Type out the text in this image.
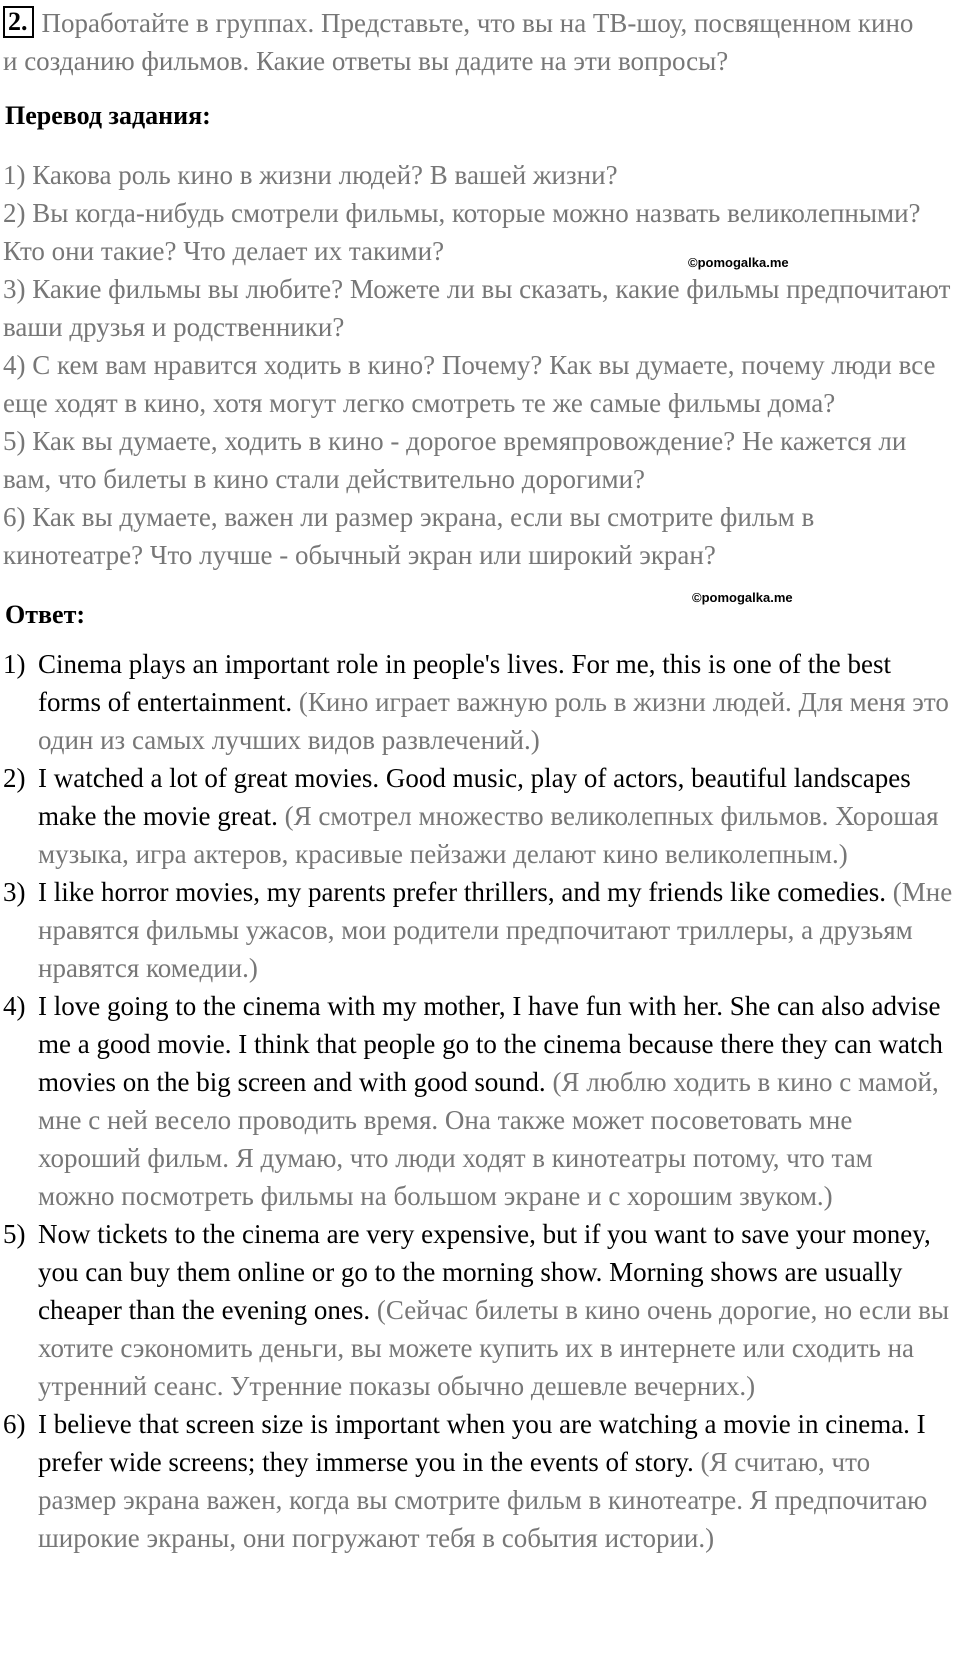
2. Поработайте в группах. Представьте, что вы на ТВ-шоу, посвященном кино и созданию фильмов. Какие ответы вы дадите на эти вопросы?
Перевод задания:

1) Какова роль кино в жизни людей? В вашей жизни?

2) Вы когда-нибудь смотрели фильмы, которые можно назвать великолепными? Кто они такие? Что делает их такими?

3) Какие фильмы вы любите? Можете ли вы сказать, какие фильмы предпочитают ваши друзья и родственники?

4) С кем вам нравится ходить в кино? Почему? Как вы думаете, почему люди все еще ходят в кино, хотя могут легко смотреть те же самые фильмы дома?

5) Как вы думаете, ходить в кино - дорогое времяпровождение? Не кажется ли вам, что билеты в кино стали действительно дорогими?

6) Как вы думаете, важен ли размер экрана, если вы смотрите фильм в кинотеатре? Что лучше - обычный экран или широкий экран?

©pomogalka.me
Ответ:
©pomogalka.me
1) Cinema plays an important role in people's lives. For me, this is one of the best forms of entertainment. (Кино играет важную роль в жизни людей. Для меня это один из самых лучших видов развлечений.)
2) I watched a lot of great movies. Good music, play of actors, beautiful landscapes make the movie great. (Я смотрел множество великолепных фильмов. Хорошая музыка, игра актеров, красивые пейзажи делают кино великолепным.)
3) I like horror movies, my parents prefer thrillers, and my friends like comedies. (Мне нравятся фильмы ужасов, мои родители предпочитают триллеры, а друзьям нравятся комедии.)
4) I love going to the cinema with my mother, I have fun with her. She can also advise me a good movie. I think that people go to the cinema because there they can watch movies on the big screen and with good sound. (Я люблю ходить в кино с мамой, мне с ней весело проводить время. Она также может посоветовать мне хороший фильм. Я думаю, что люди ходят в кинотеатры потому, что там можно посмотреть фильмы на большом экране и с хорошим звуком.)
5) Now tickets to the cinema are very expensive, but if you want to save your money, you can buy them online or go to the morning show. Morning shows are usually cheaper than the evening ones. (Сейчас билеты в кино очень дорогие, но если вы хотите сэкономить деньги, вы можете купить их в интернете или сходить на утренний сеанс. Утренние показы обычно дешевле вечерних.)
6) I believe that screen size is important when you are watching a movie in cinema. I prefer wide screens; they immerse you in the events of story. (Я считаю, что размер экрана важен, когда вы смотрите фильм в кинотеатре. Я предпочитаю широкие экраны, они погружают тебя в события истории.)
